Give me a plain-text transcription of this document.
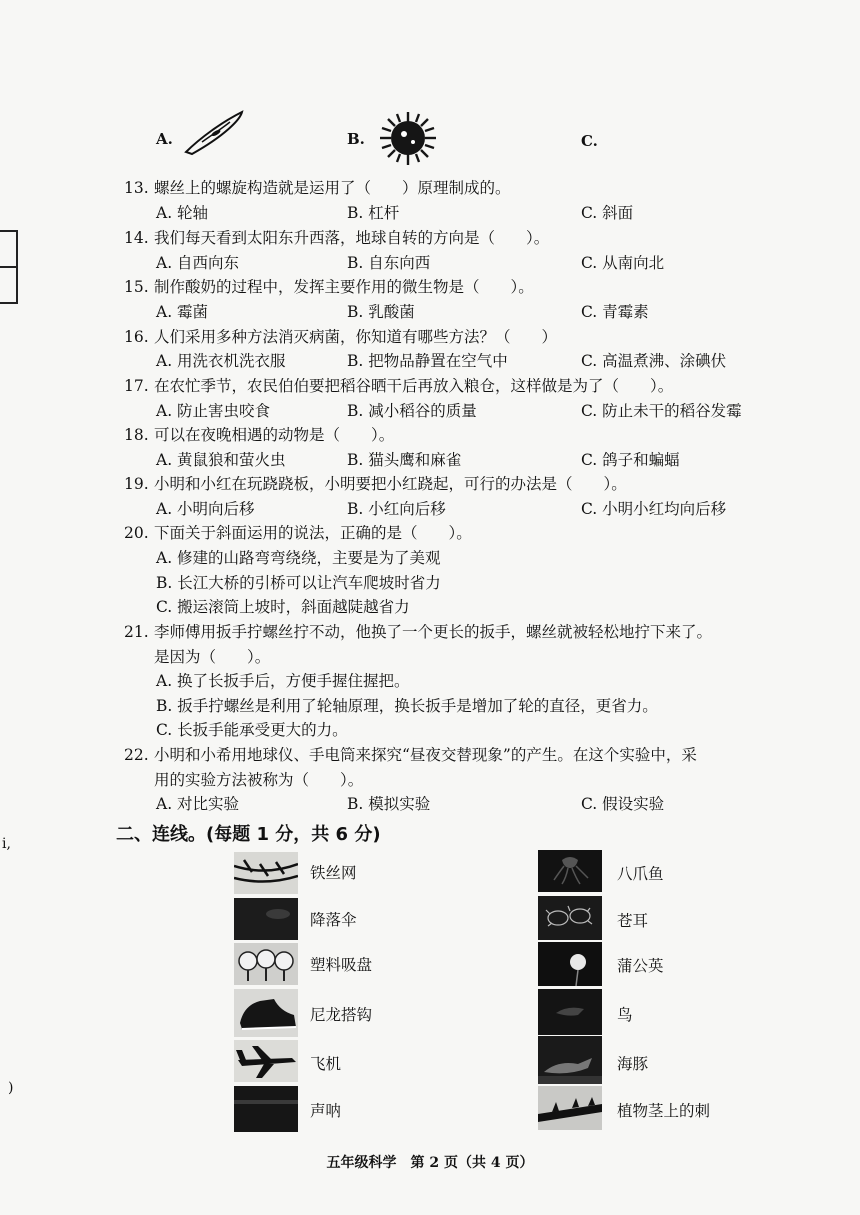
i,
)
A.	B.	C.
13. 螺丝上的螺旋构造就是运用了（　　）原理制成的。
A. 轮轴	B. 杠杆	C. 斜面
14. 我们每天看到太阳东升西落，地球自转的方向是（　　）。
A. 自西向东	B. 自东向西	C. 从南向北
15. 制作酸奶的过程中，发挥主要作用的微生物是（　　）。
A. 霉菌	B. 乳酸菌	C. 青霉素
16. 人们采用多种方法消灭病菌，你知道有哪些方法？（　　）
A. 用洗衣机洗衣服	B. 把物品静置在空气中	C. 高温煮沸、涂碘伏
17. 在农忙季节，农民伯伯要把稻谷晒干后再放入粮仓，这样做是为了（　　）。
A. 防止害虫咬食	B. 减小稻谷的质量	C. 防止未干的稻谷发霉
18. 可以在夜晚相遇的动物是（　　）。
A. 黄鼠狼和萤火虫	B. 猫头鹰和麻雀	C. 鸽子和蝙蝠
19. 小明和小红在玩跷跷板，小明要把小红跷起，可行的办法是（　　）。
A. 小明向后移	B. 小红向后移	C. 小明小红均向后移
20. 下面关于斜面运用的说法，正确的是（　　）。
A. 修建的山路弯弯绕绕，主要是为了美观
B. 长江大桥的引桥可以让汽车爬坡时省力
C. 搬运滚筒上坡时，斜面越陡越省力
21. 李师傅用扳手拧螺丝拧不动，他换了一个更长的扳手，螺丝就被轻松地拧下来了。
是因为（　　）。
A. 换了长扳手后，方便手握住握把。
B. 扳手拧螺丝是利用了轮轴原理，换长扳手是增加了轮的直径，更省力。
C. 长扳手能承受更大的力。
22. 小明和小希用地球仪、手电筒来探究“昼夜交替现象”的产生。在这个实验中，采
用的实验方法被称为（　　）。
A. 对比实验	B. 模拟实验	C. 假设实验
二、连线。(每题 1 分，共 6 分)
铁丝网
降落伞
塑料吸盘
尼龙搭钩
飞机
声呐
八爪鱼
苍耳
蒲公英
鸟
海豚
植物茎上的刺
五年级科学　第 2 页（共 4 页）
